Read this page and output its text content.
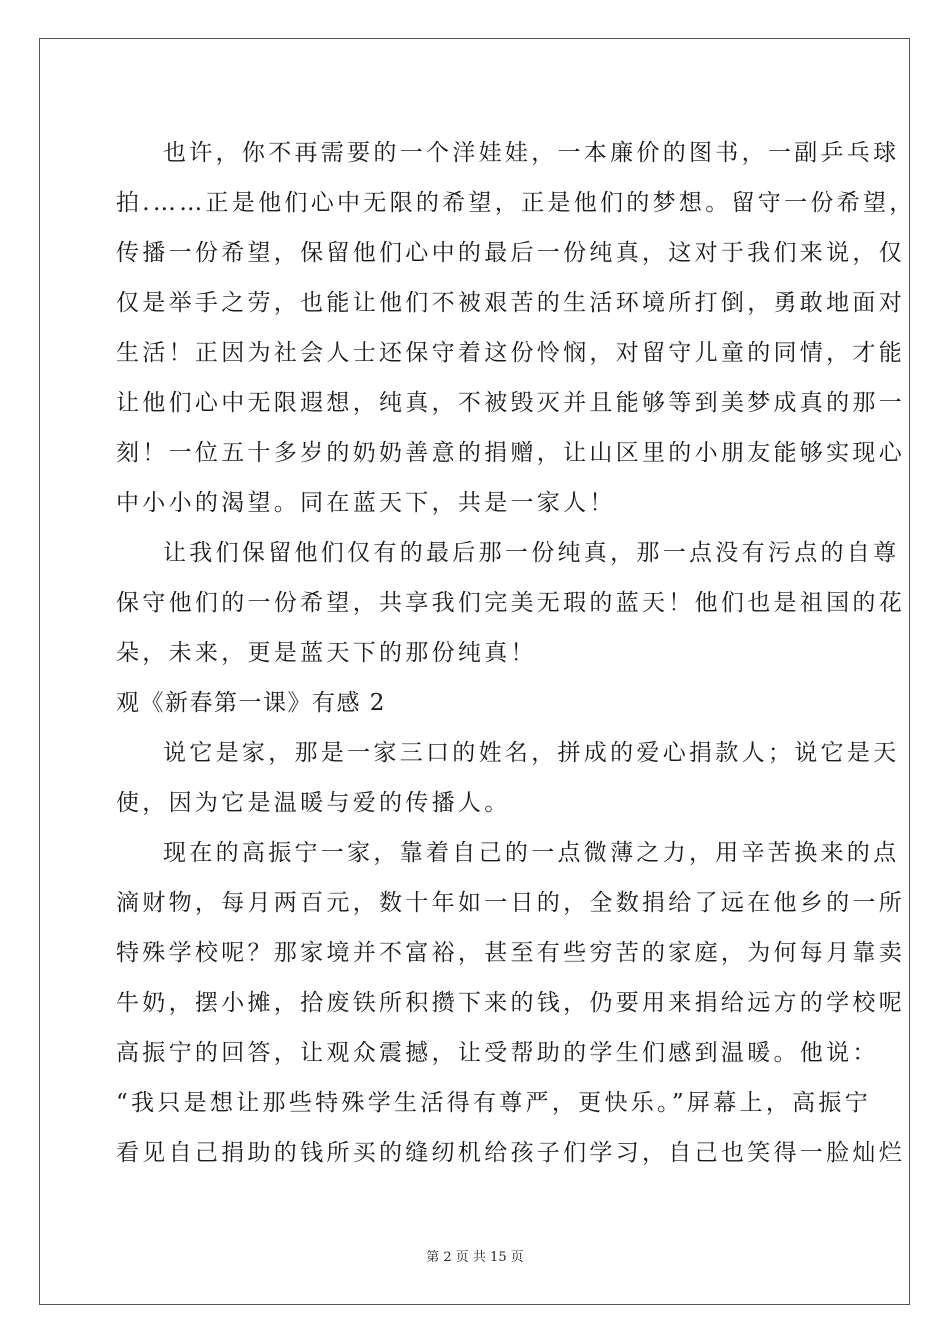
也许，你不再需要的一个洋娃娃，一本廉价的图书，一副乒乓球
拍.……正是他们心中无限的希望，正是他们的梦想。留守一份希望，
传播一份希望，保留他们心中的最后一份纯真，这对于我们来说，仅
仅是举手之劳，也能让他们不被艰苦的生活环境所打倒，勇敢地面对
生活！正因为社会人士还保守着这份怜悯，对留守儿童的同情，才能
让他们心中无限遐想，纯真，不被毁灭并且能够等到美梦成真的那一
刻！一位五十多岁的奶奶善意的捐赠，让山区里的小朋友能够实现心
中小小的渴望。同在蓝天下，共是一家人！
让我们保留他们仅有的最后那一份纯真，那一点没有污点的自尊
保守他们的一份希望，共享我们完美无瑕的蓝天！他们也是祖国的花
朵，未来，更是蓝天下的那份纯真！
观《新春第一课》有感 2
说它是家，那是一家三口的姓名，拼成的爱心捐款人；说它是天
使，因为它是温暖与爱的传播人。
现在的高振宁一家，靠着自己的一点微薄之力，用辛苦换来的点
滴财物，每月两百元，数十年如一日的，全数捐给了远在他乡的一所
特殊学校呢？那家境并不富裕，甚至有些穷苦的家庭，为何每月靠卖
牛奶，摆小摊，拾废铁所积攒下来的钱，仍要用来捐给远方的学校呢
高振宁的回答，让观众震撼，让受帮助的学生们感到温暖。他说：
“我只是想让那些特殊学生活得有尊严，更快乐。”屏幕上，高振宁
看见自己捐助的钱所买的缝纫机给孩子们学习，自己也笑得一脸灿烂
第 2 页 共 15 页
